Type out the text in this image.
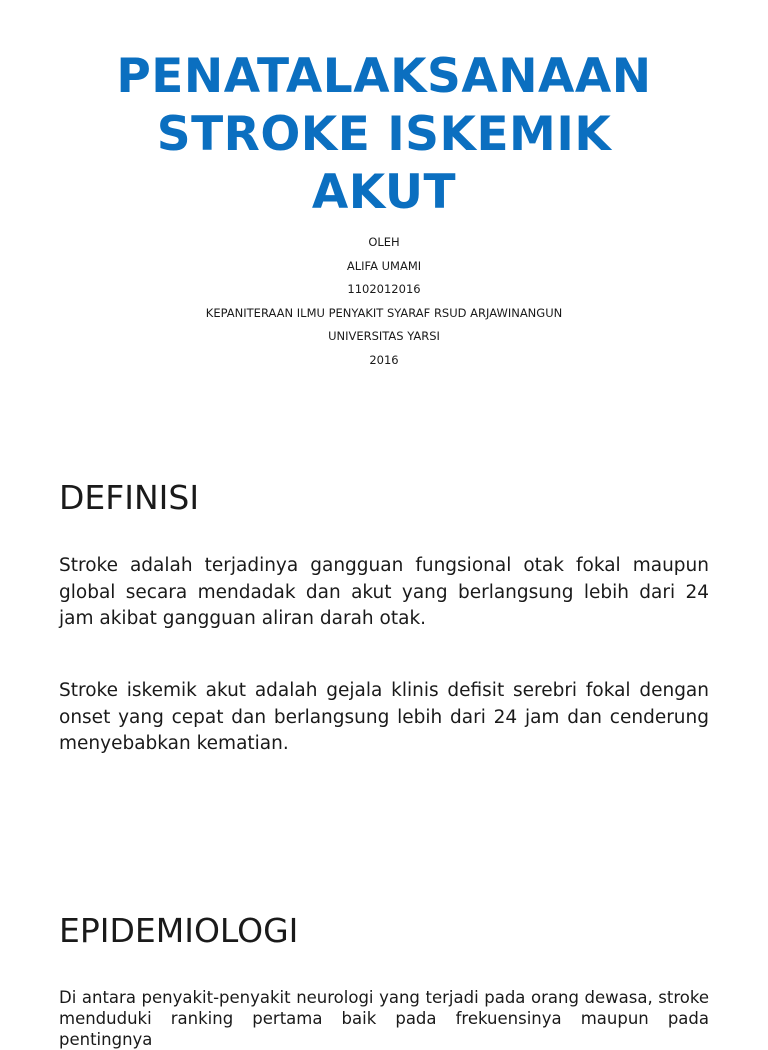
PENATALAKSANAAN
STROKE ISKEMIK
AKUT
OLEH
ALIFA UMAMI
1102012016
KEPANITERAAN ILMU PENYAKIT SYARAF RSUD ARJAWINANGUN
UNIVERSITAS YARSI
2016
DEFINISI
Stroke adalah terjadinya gangguan fungsional otak fokal maupun global secara mendadak dan akut yang berlangsung lebih dari 24 jam akibat gangguan aliran darah otak.
Stroke iskemik akut adalah gejala klinis defisit serebri fokal dengan onset yang cepat dan berlangsung lebih dari 24 jam dan cenderung menyebabkan kematian.
EPIDEMIOLOGI
Di antara penyakit-penyakit neurologi yang terjadi pada orang dewasa, stroke menduduki ranking pertama baik pada frekuensinya maupun pada pentingnya
